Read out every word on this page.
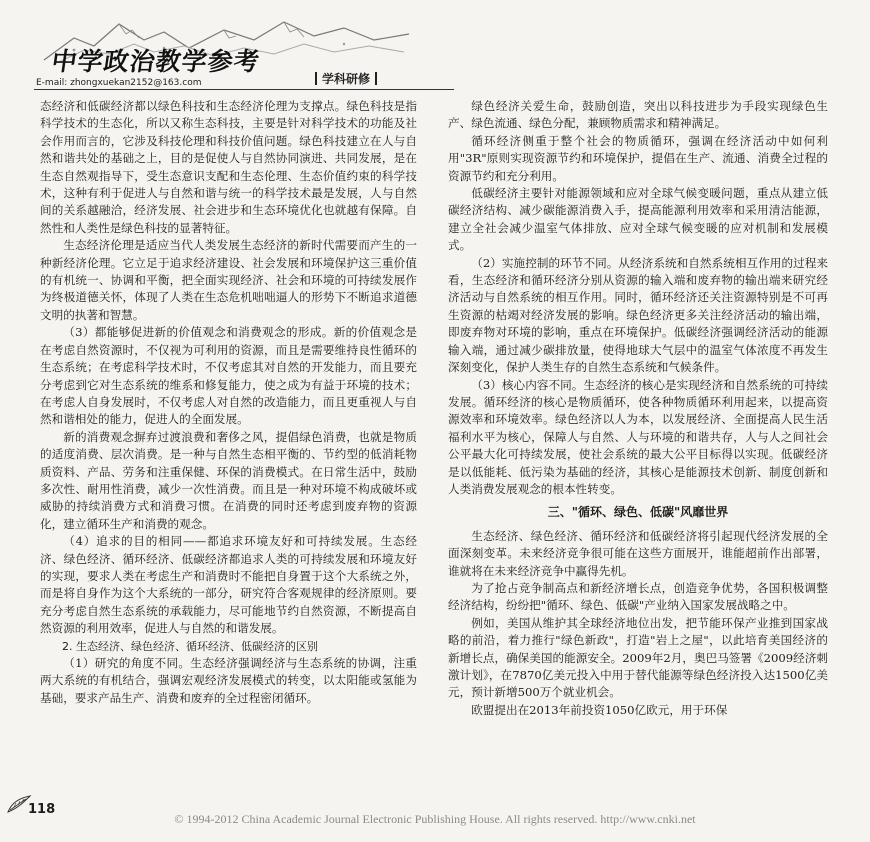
中学政治教学参考
E-mail: zhongxuekan2152@163.com	学科研修

态经济和低碳经济都以绿色科技和生态经济伦理为支撑点。绿色科技是指科学技术的生态化，所以又称生态科技，主要是针对科学技术的功能及社会作用而言的，它涉及科技伦理和科技价值问题。绿色科技建立在人与自然和谐共处的基础之上，目的是促使人与自然协同演进、共同发展，是在生态自然观指导下，受生态意识支配和生态伦理、生态价值约束的科学技术，这种有利于促进人与自然和谐与统一的科学技术最是发展，人与自然间的关系越融洽，经济发展、社会进步和生态环境优化也就越有保障。自然性和人类性是绿色科技的显著特征。

生态经济伦理是适应当代人类发展生态经济的新时代需要而产生的一种新经济伦理。它立足于追求经济建设、社会发展和环境保护这三重价值的有机统一、协调和平衡，把全面实现经济、社会和环境的可持续发展作为终极道德关怀，体现了人类在生态危机咄咄逼人的形势下不断追求道德文明的执著和智慧。

（3）都能够促进新的价值观念和消费观念的形成。新的价值观念是在考虑自然资源时，不仅视为可利用的资源，而且是需要维持良性循环的生态系统；在考虑科学技术时，不仅考虑其对自然的开发能力，而且要充分考虑到它对生态系统的维系和修复能力，使之成为有益于环境的技术；在考虑人自身发展时，不仅考虑人对自然的改造能力，而且更重视人与自然和谐相处的能力，促进人的全面发展。

新的消费观念摒弃过渡浪费和奢侈之风，提倡绿色消费，也就是物质的适度消费、层次消费。是一种与自然生态相平衡的、节约型的低消耗物质资料、产品、劳务和注重保健、环保的消费模式。在日常生活中，鼓励多次性、耐用性消费，减少一次性消费。而且是一种对环境不构成破坏或威胁的持续消费方式和消费习惯。在消费的同时还考虑到废弃物的资源化，建立循环生产和消费的观念。

（4）追求的目的相同——都追求环境友好和可持续发展。生态经济、绿色经济、循环经济、低碳经济都追求人类的可持续发展和环境友好的实现，要求人类在考虑生产和消费时不能把自身置于这个大系统之外，而是将自身作为这个大系统的一部分，研究符合客观规律的经济原则。要充分考虑自然生态系统的承载能力，尽可能地节约自然资源，不断提高自然资源的利用效率，促进人与自然的和谐发展。

2. 生态经济、绿色经济、循环经济、低碳经济的区别

（1）研究的角度不同。生态经济强调经济与生态系统的协调，注重两大系统的有机结合，强调宏观经济发展模式的转变，以太阳能或氢能为基础，要求产品生产、消费和废弃的全过程密闭循环。

绿色经济关爱生命，鼓励创造，突出以科技进步为手段实现绿色生产、绿色流通、绿色分配，兼顾物质需求和精神满足。

循环经济侧重于整个社会的物质循环，强调在经济活动中如何利用"3R"原则实现资源节约和环境保护，提倡在生产、流通、消费全过程的资源节约和充分利用。

低碳经济主要针对能源领域和应对全球气候变暖问题，重点从建立低碳经济结构、减少碳能源消费入手，提高能源利用效率和采用清洁能源，建立全社会减少温室气体排放、应对全球气候变暖的应对机制和发展模式。

（2）实施控制的环节不同。从经济系统和自然系统相互作用的过程来看，生态经济和循环经济分别从资源的输入端和废弃物的输出端来研究经济活动与自然系统的相互作用。同时，循环经济还关注资源特别是不可再生资源的枯竭对经济发展的影响。绿色经济更多关注经济活动的输出端，即废弃物对环境的影响，重点在环境保护。低碳经济强调经济活动的能源输入端，通过减少碳排放量，使得地球大气层中的温室气体浓度不再发生深刻变化，保护人类生存的自然生态系统和气候条件。

（3）核心内容不同。生态经济的核心是实现经济和自然系统的可持续发展。循环经济的核心是物质循环，使各种物质循环利用起来，以提高资源效率和环境效率。绿色经济以人为本，以发展经济、全面提高人民生活福利水平为核心，保障人与自然、人与环境的和谐共存，人与人之间社会公平最大化可持续发展，使社会系统的最大公平目标得以实现。低碳经济是以低能耗、低污染为基础的经济，其核心是能源技术创新、制度创新和人类消费发展观念的根本性转变。

三、"循环、绿色、低碳"风靡世界

生态经济、绿色经济、循环经济和低碳经济将引起现代经济发展的全面深刻变革。未来经济竞争很可能在这些方面展开，谁能超前作出部署，谁就将在未来经济竞争中赢得先机。

为了抢占竞争制高点和新经济增长点，创造竞争优势，各国积极调整经济结构，纷纷把"循环、绿色、低碳"产业纳入国家发展战略之中。

例如，美国从维护其全球经济地位出发，把节能环保产业推到国家战略的前沿，着力推行"绿色新政"，打造"岩上之屋"，以此培育美国经济的新增长点，确保美国的能源安全。2009年2月，奥巴马签署《2009经济刺激计划》，在7870亿美元投入中用于替代能源等绿色经济投入达1500亿美元，预计新增500万个就业机会。

欧盟提出在2013年前投资1050亿欧元，用于环保

118
© 1994-2012 China Academic Journal Electronic Publishing House. All rights reserved. http://www.cnki.net
